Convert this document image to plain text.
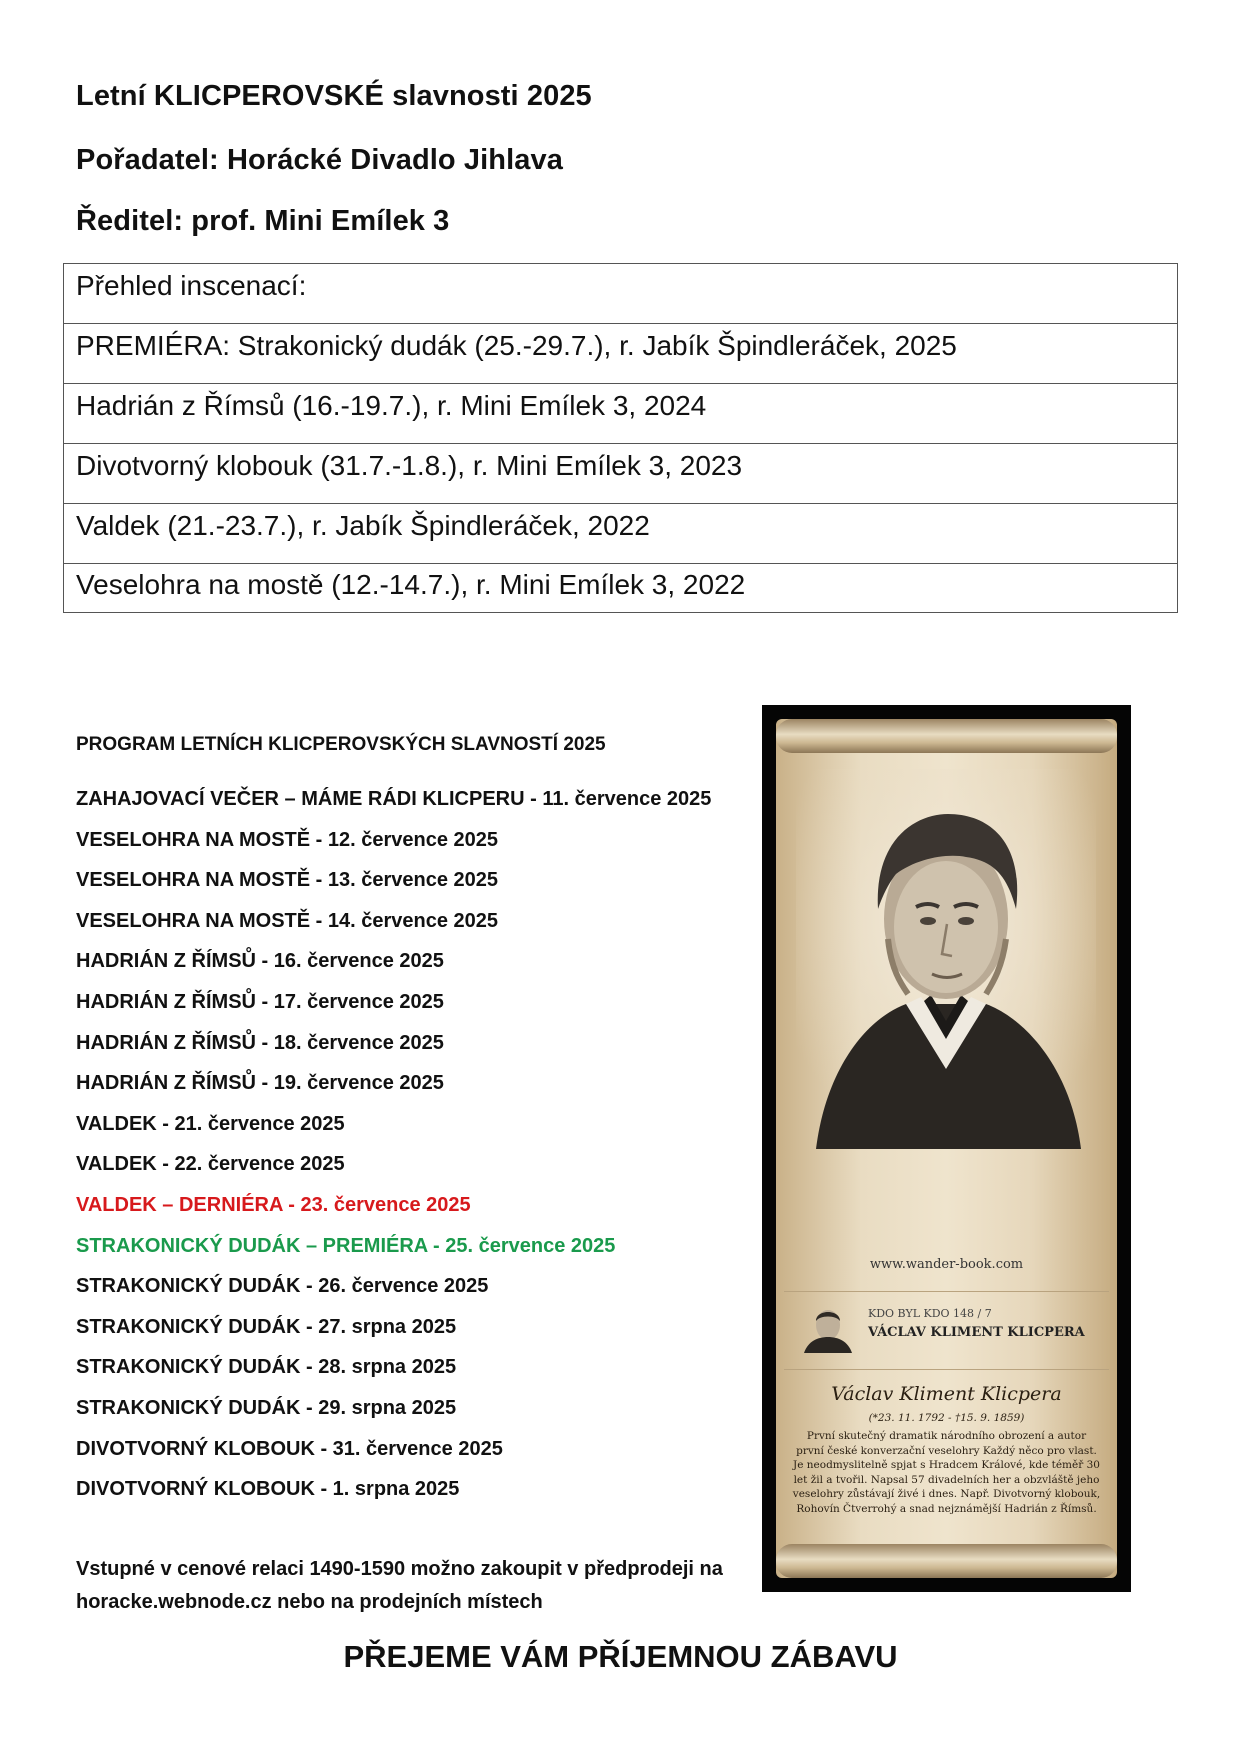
Letní KLICPEROVSKÉ slavnosti 2025
Pořadatel: Horácké Divadlo Jihlava
Ředitel: prof. Mini Emílek 3
Přehled inscenací:
PREMIÉRA: Strakonický dudák (25.-29.7.), r. Jabík Špindleráček, 2025
Hadrián z Římsů (16.-19.7.), r. Mini Emílek 3, 2024
Divotvorný klobouk (31.7.-1.8.), r. Mini Emílek 3, 2023
Valdek (21.-23.7.), r. Jabík Špindleráček, 2022
Veselohra na mostě (12.-14.7.), r. Mini Emílek 3, 2022
PROGRAM LETNÍCH KLICPEROVSKÝCH SLAVNOSTÍ 2025
ZAHAJOVACÍ VEČER – MÁME RÁDI KLICPERU - 11. července 2025
VESELOHRA NA MOSTĚ - 12. července 2025
VESELOHRA NA MOSTĚ - 13. července 2025
VESELOHRA NA MOSTĚ - 14. července 2025
HADRIÁN Z ŘÍMSŮ - 16. července 2025
HADRIÁN Z ŘÍMSŮ - 17. července 2025
HADRIÁN Z ŘÍMSŮ - 18. července 2025
HADRIÁN Z ŘÍMSŮ - 19. července 2025
VALDEK - 21. července 2025
VALDEK - 22. července 2025
VALDEK – DERNIÉRA - 23. července 2025
STRAKONICKÝ DUDÁK – PREMIÉRA - 25. července 2025
STRAKONICKÝ DUDÁK - 26. července 2025
STRAKONICKÝ DUDÁK - 27. srpna 2025
STRAKONICKÝ DUDÁK - 28. srpna 2025
STRAKONICKÝ DUDÁK - 29. srpna 2025
DIVOTVORNÝ KLOBOUK - 31. července 2025
DIVOTVORNÝ KLOBOUK - 1. srpna 2025
Vstupné v cenové relaci 1490-1590 možno zakoupit v předprodeji na
horacke.webnode.cz nebo na prodejních místech
PŘEJEME VÁM PŘÍJEMNOU ZÁBAVU
www.wander-book.com
KDO BYL KDO 148 / 7
VÁCLAV KLIMENT KLICPERA
Václav Kliment Klicpera
(*23. 11. 1792 - †15. 9. 1859)
První skutečný dramatik národního obrození a autor první české konverzační veselohry Každý něco pro vlast. Je neodmyslitelně spjat s Hradcem Králové, kde téměř 30 let žil a tvořil. Napsal 57 divadelních her a obzvláště jeho veselohry zůstávají živé i dnes. Např. Divotvorný klobouk, Rohovín Čtverrohý a snad nejznámější Hadrián z Římsů.
